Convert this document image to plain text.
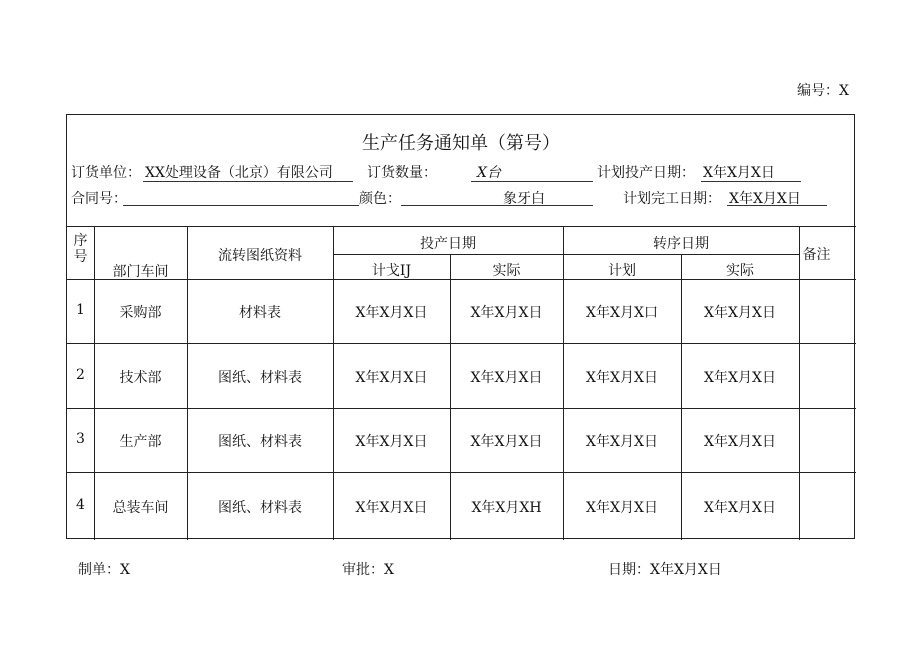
编号：X
生产任务通知单（第号）
订货单位： XX处理设备（北京）有限公司 订货数量：	X台	计划投产日期： X年X月X日
合同号：	颜色：	象牙白	计划完工日期： X年X月X日
序号
部门车间
流转图纸资料
投产日期	转序日期
计戈IJ	实际	计划	实际
备注
1	采购部	材料表	X年X月X日	X年X月X日	X年X月X口	X年X月X日
2	技术部	图纸、材料表	X年X月X日	X年X月X日	X年X月X日	X年X月X日
3	生产部	图纸、材料表	X年X月X日	X年X月X日	X年X月X日	X年X月X日
4	总装车间	图纸、材料表	X年X月X日	X年X月XH	X年X月X日	X年X月X日
制单：X	审批：X	日期：X年X月X日
